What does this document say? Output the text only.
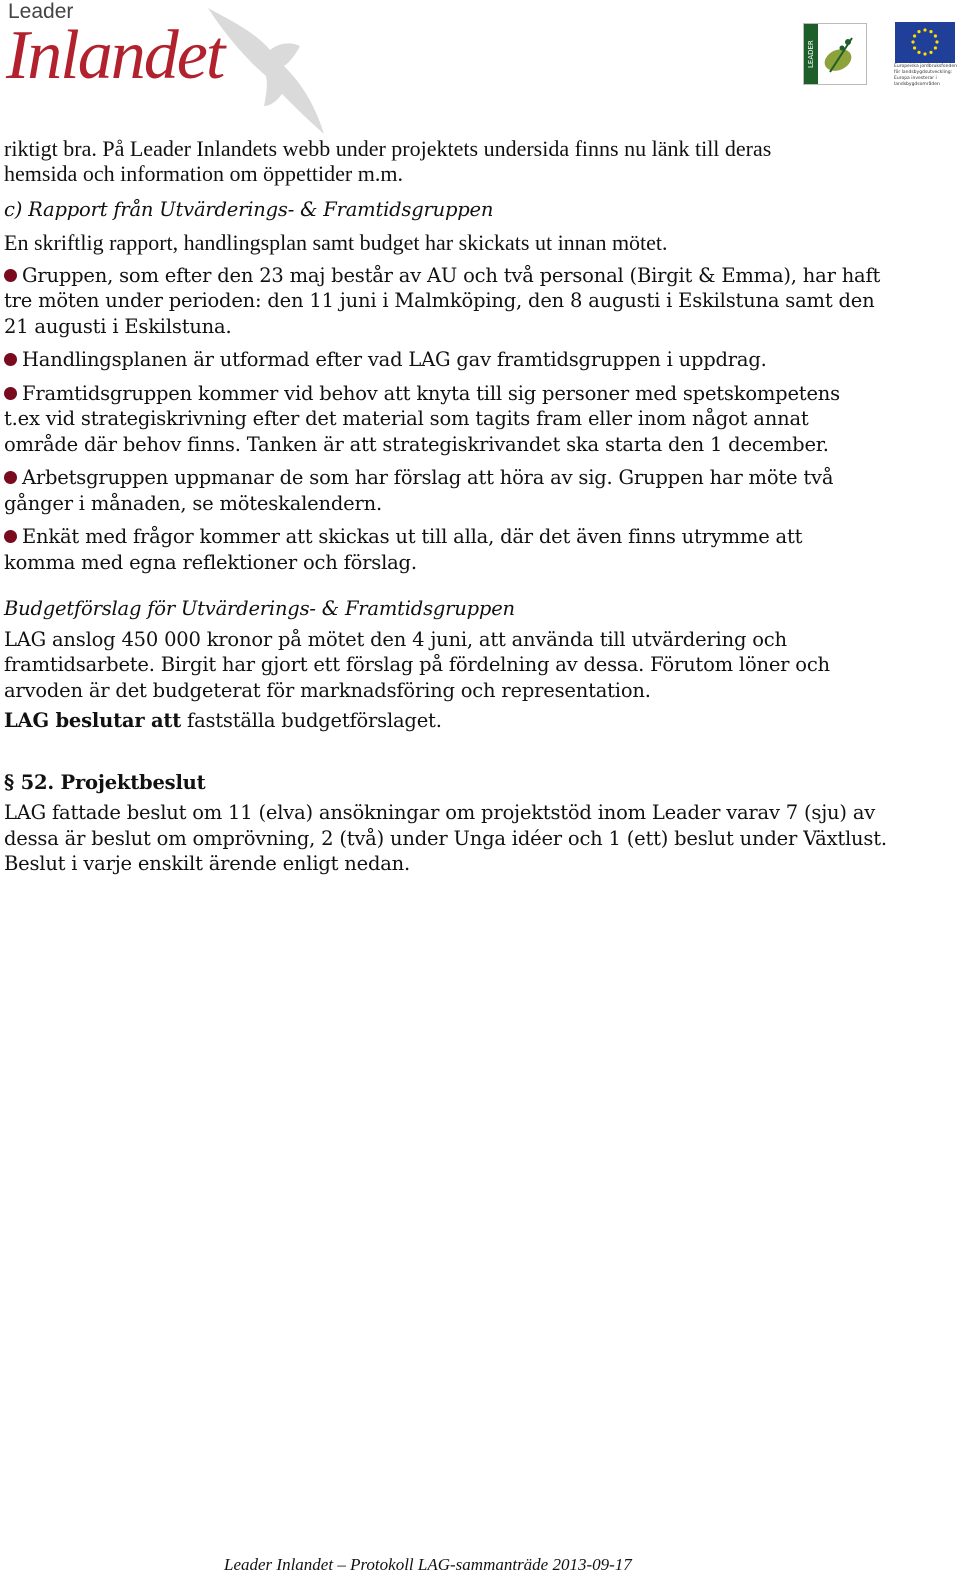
Leader
Inlandet	LEADER	Europeiska jordbruksfonden för landsbygdsutveckling: Europa investerar i landsbygdsområden

riktigt bra. På Leader Inlandets webb under projektets undersida finns nu länk till deras

hemsida och information om öppettider m.m.

c) Rapport från Utvärderings- & Framtidsgruppen

En skriftlig rapport, handlingsplan samt budget har skickats ut innan mötet.

Gruppen, som efter den 23 maj består av AU och två personal (Birgit & Emma), har haft

tre möten under perioden: den 11 juni i Malmköping, den 8 augusti i Eskilstuna samt den

21 augusti i Eskilstuna.

Handlingsplanen är utformad efter vad LAG gav framtidsgruppen i uppdrag.

Framtidsgruppen kommer vid behov att knyta till sig personer med spetskompetens

t.ex vid strategiskrivning efter det material som tagits fram eller inom något annat

område där behov finns. Tanken är att strategiskrivandet ska starta den 1 december.

Arbetsgruppen uppmanar de som har förslag att höra av sig. Gruppen har möte två

gånger i månaden, se möteskalendern.

Enkät med frågor kommer att skickas ut till alla, där det även finns utrymme att

komma med egna reflektioner och förslag.

Budgetförslag för Utvärderings- & Framtidsgruppen

LAG anslog 450 000 kronor på mötet den 4 juni, att använda till utvärdering och

framtidsarbete. Birgit har gjort ett förslag på fördelning av dessa. Förutom löner och

arvoden är det budgeterat för marknadsföring och representation.

LAG beslutar att fastställa budgetförslaget.

§ 52. Projektbeslut

LAG fattade beslut om 11 (elva) ansökningar om projektstöd inom Leader varav 7 (sju) av

dessa är beslut om omprövning, 2 (två) under Unga idéer och 1 (ett) beslut under Växtlust.

Beslut i varje enskilt ärende enligt nedan.

Leader Inlandet – Protokoll LAG-sammanträde 2013-09-17
